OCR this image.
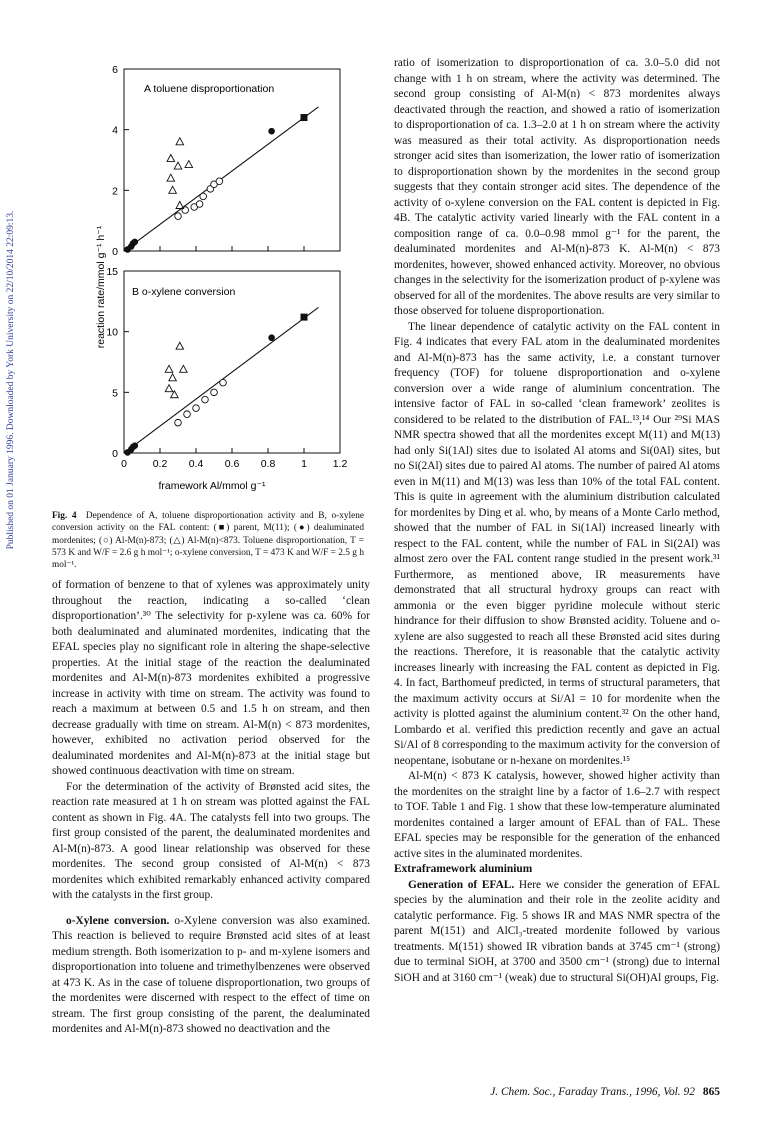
Published on 01 January 1996. Downloaded by York University on 22/10/2014 22:09:13.	0
2
4
6
0
5
10
15
0 0.2 0.4 0.6 0.8 1 1.2
A toluene disproportionation
B o-xylene conversion
reaction rate/mmol g⁻¹ h⁻¹
framework Al/mmol g⁻¹
Fig. 4 Dependence of A, toluene disproportionation activity and B, o-xylene conversion activity on the FAL content: (■) parent, M(11); (●) dealuminated mordenites; (○) Al-M(n)-873; (△) Al-M(n)<873. Toluene disproportionation, T = 573 K and W/F = 2.6 g h mol⁻¹; o-xylene conversion, T = 473 K and W/F = 2.5 g h mol⁻¹.

of formation of benzene to that of xylenes was approximately unity throughout the reaction, indicating a so-called ‘clean disproportionation’.³⁰ The selectivity for p-xylene was ca. 60% for both dealuminated and aluminated mordenites, indicating that the EFAL species play no significant role in altering the shape-selective properties. At the initial stage of the reaction the dealuminated mordenites and Al-M(n)-873 mordenites exhibited a progressive increase in activity with time on stream. The activity was found to reach a maximum at between 0.5 and 1.5 h on stream, and then decrease gradually with time on stream. Al-M(n) < 873 mordenites, however, exhibited no activation period observed for the dealuminated mordenites and Al-M(n)-873 at the initial stage but showed continuous deactivation with time on stream.

For the determination of the activity of Brønsted acid sites, the reaction rate measured at 1 h on stream was plotted against the FAL content as shown in Fig. 4A. The catalysts fell into two groups. The first group consisted of the parent, the dealuminated mordenites and Al-M(n)-873. A good linear relationship was observed for these mordenites. The second group consisted of Al-M(n) < 873 mordenites which exhibited remarkably enhanced activity compared with the catalysts in the first group.

o-Xylene conversion. o-Xylene conversion was also examined. This reaction is believed to require Brønsted acid sites of at least medium strength. Both isomerization to p- and m-xylene isomers and disproportionation into toluene and trimethylbenzenes were observed at 473 K. As in the case of toluene disproportionation, two groups of the mordenites were discerned with respect to the effect of time on stream. The first group consisting of the parent, the dealuminated mordenites and Al-M(n)-873 showed no deactivation and the

ratio of isomerization to disproportionation of ca. 3.0–5.0 did not change with 1 h on stream, where the activity was determined. The second group consisting of Al-M(n) < 873 mordenites always deactivated through the reaction, and showed a ratio of isomerization to disproportionation of ca. 1.3–2.0 at 1 h on stream where the activity was measured as their total activity. As disproportionation needs stronger acid sites than isomerization, the lower ratio of isomerization to disproportionation shown by the mordenites in the second group suggests that they contain stronger acid sites. The dependence of the activity of o-xylene conversion on the FAL content is depicted in Fig. 4B. The catalytic activity varied linearly with the FAL content in a composition range of ca. 0.0–0.98 mmol g⁻¹ for the parent, the dealuminated mordenites and Al-M(n)-873 K. Al-M(n) < 873 mordenites, however, showed enhanced activity. Moreover, no obvious changes in the selectivity for the isomerization product of p-xylene was observed for all of the mordenites. The above results are very similar to those observed for toluene disproportionation.

The linear dependence of catalytic activity on the FAL content in Fig. 4 indicates that every FAL atom in the dealuminated mordenites and Al-M(n)-873 has the same activity, i.e. a constant turnover frequency (TOF) for toluene disproportionation and o-xylene conversion over a wide range of aluminium concentration. The intensive factor of FAL in so-called ‘clean framework’ zeolites is considered to be related to the distribution of FAL.¹³,¹⁴ Our ²⁹Si MAS NMR spectra showed that all the mordenites except M(11) and M(13) had only Si(1Al) sites due to isolated Al atoms and Si(0Al) sites, but no Si(2Al) sites due to paired Al atoms. The number of paired Al atoms even in M(11) and M(13) was less than 10% of the total FAL content. This is quite in agreement with the aluminium distribution calculated for mordenites by Ding et al. who, by means of a Monte Carlo method, showed that the number of FAL in Si(1Al) increased linearly with respect to the FAL content, while the number of FAL in Si(2Al) was almost zero over the FAL content range studied in the present work.³¹ Furthermore, as mentioned above, IR measurements have demonstrated that all structural hydroxy groups can react with ammonia or the even bigger pyridine molecule without steric hindrance for their diffusion to show Brønsted acidity. Toluene and o-xylene are also suggested to reach all these Brønsted acid sites during the reactions. Therefore, it is reasonable that the catalytic activity increases linearly with increasing the FAL content as depicted in Fig. 4. In fact, Barthomeuf predicted, in terms of structural parameters, that the maximum activity occurs at Si/Al = 10 for mordenite when the activity is plotted against the aluminium content.³² On the other hand, Lombardo et al. verified this prediction recently and gave an actual Si/Al of 8 corresponding to the maximum activity for the conversion of neopentane, isobutane or n-hexane on mordenites.¹⁵

Al-M(n) < 873 K catalysis, however, showed higher activity than the mordenites on the straight line by a factor of 1.6–2.7 with respect to TOF. Table 1 and Fig. 1 show that these low-temperature aluminated mordenites contained a larger amount of EFAL than of FAL. These EFAL species may be responsible for the generation of the enhanced active sites in the aluminated mordenites.

Extraframework aluminium

Generation of EFAL. Here we consider the generation of EFAL species by the alumination and their role in the zeolite acidity and catalytic performance. Fig. 5 shows IR and MAS NMR spectra of the parent M(151) and AlCl₃-treated mordenite followed by various treatments. M(151) showed IR vibration bands at 3745 cm⁻¹ (strong) due to terminal SiOH, at 3700 and 3500 cm⁻¹ (strong) due to internal SiOH and at 3160 cm⁻¹ (weak) due to structural Si(OH)Al groups, Fig.

J. Chem. Soc., Faraday Trans., 1996, Vol. 92 865
